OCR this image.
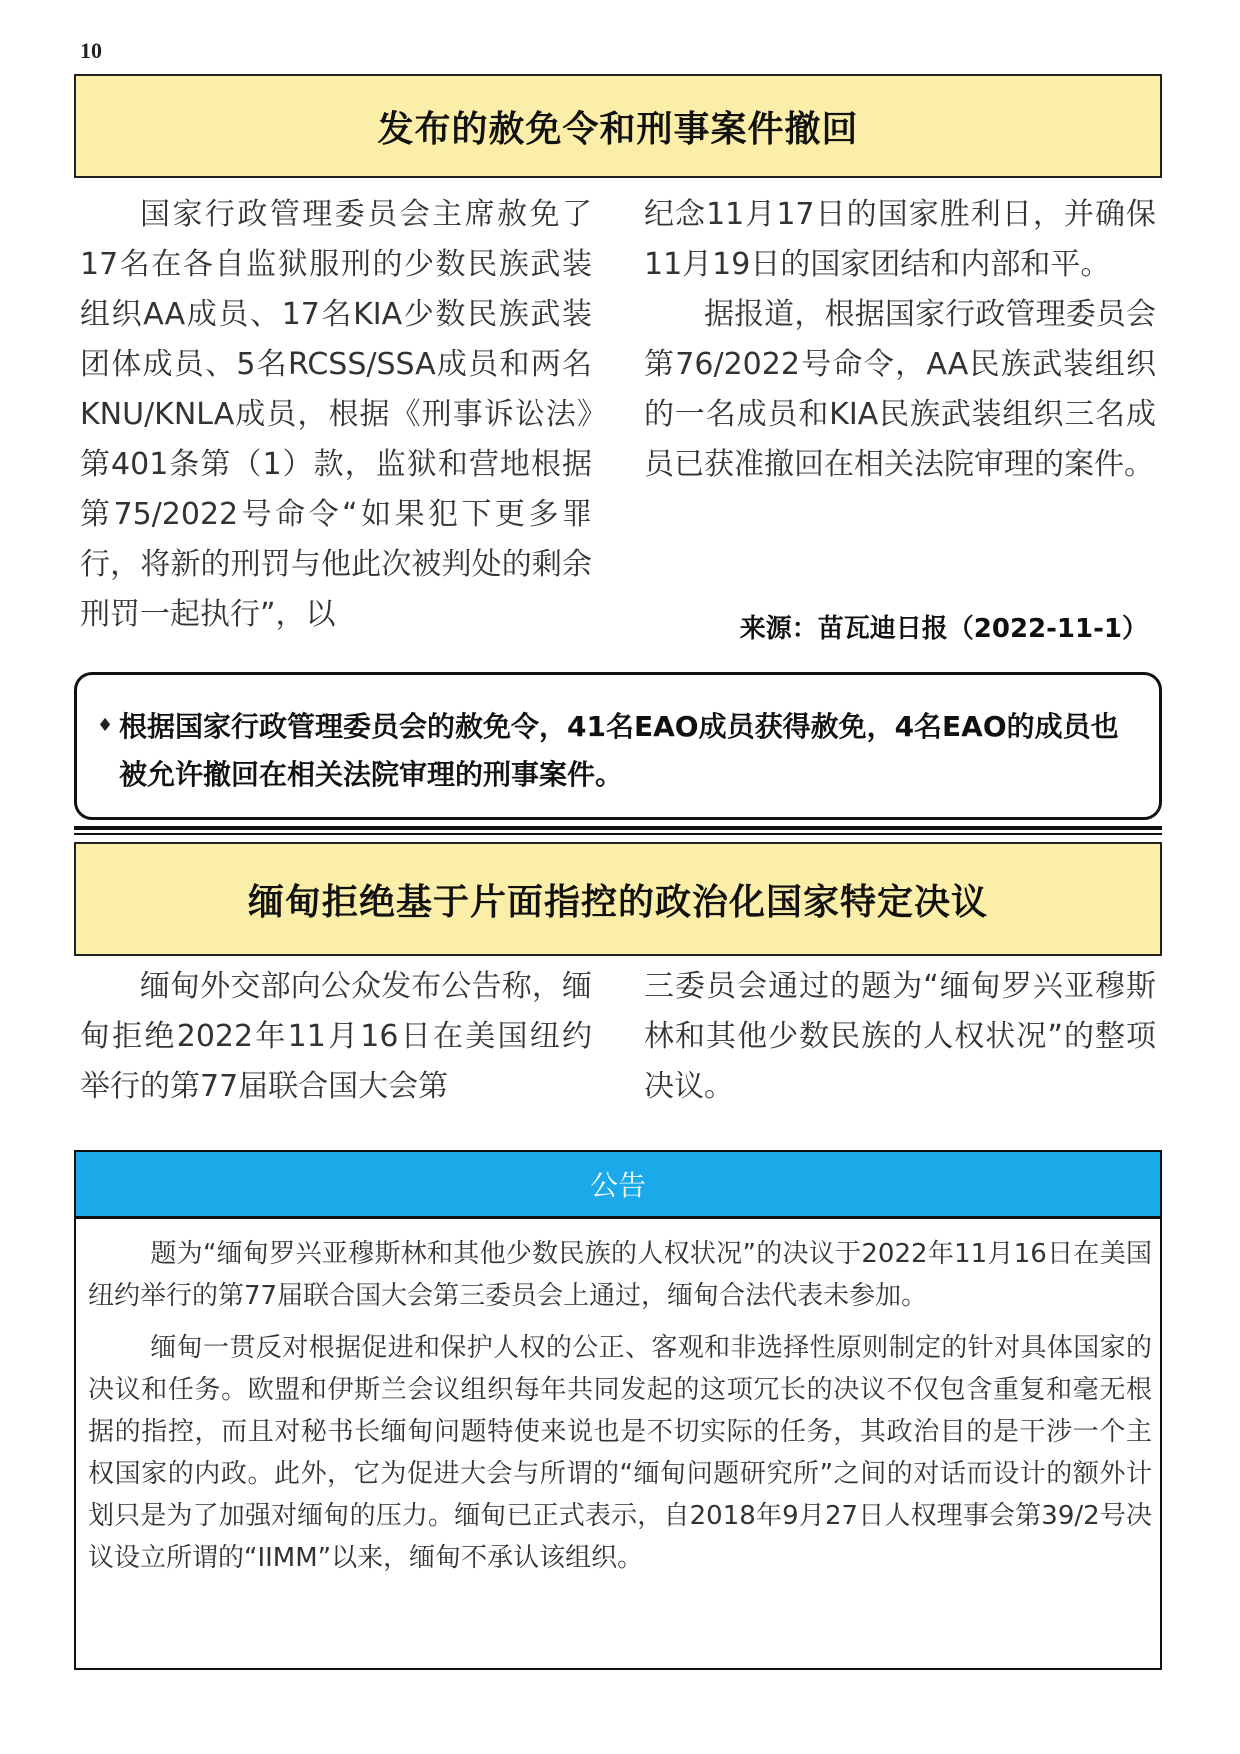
10
发布的赦免令和刑事案件撤回

国家行政管理委员会主席赦免了17名在各自监狱服刑的少数民族武装组织AA成员、17名KIA少数民族武装团体成员、5名RCSS/SSA成员和两名KNU/KNLA成员，根据《刑事诉讼法》第401条第（1）款，监狱和营地根据第75/2022号命令“如果犯下更多罪行，将新的刑罚与他此次被判处的剩余刑罚一起执行”，以

纪念11月17日的国家胜利日，并确保11月19日的国家团结和内部和平。

据报道，根据国家行政管理委员会第76/2022号命令，AA民族武装组织的一名成员和KIA民族武装组织三名成员已获准撤回在相关法院审理的案件。

来源：苗瓦迪日报（2022-11-1）
♦ 根据国家行政管理委员会的赦免令，41名EAO成员获得赦免，4名EAO的成员也被允许撤回在相关法院审理的刑事案件。

缅甸拒绝基于片面指控的政治化国家特定决议

缅甸外交部向公众发布公告称，缅甸拒绝2022年11月16日在美国纽约举行的第77届联合国大会第

三委员会通过的题为“缅甸罗兴亚穆斯林和其他少数民族的人权状况”的整项决议。

公告

题为“缅甸罗兴亚穆斯林和其他少数民族的人权状况”的决议于2022年11月16日在美国纽约举行的第77届联合国大会第三委员会上通过，缅甸合法代表未参加。

缅甸一贯反对根据促进和保护人权的公正、客观和非选择性原则制定的针对具体国家的决议和任务。欧盟和伊斯兰会议组织每年共同发起的这项冗长的决议不仅包含重复和毫无根据的指控，而且对秘书长缅甸问题特使来说也是不切实际的任务，其政治目的是干涉一个主权国家的内政。此外，它为促进大会与所谓的“缅甸问题研究所”之间的对话而设计的额外计划只是为了加强对缅甸的压力。缅甸已正式表示，自2018年9月27日人权理事会第39/2号决议设立所谓的“IIMM”以来，缅甸不承认该组织。
